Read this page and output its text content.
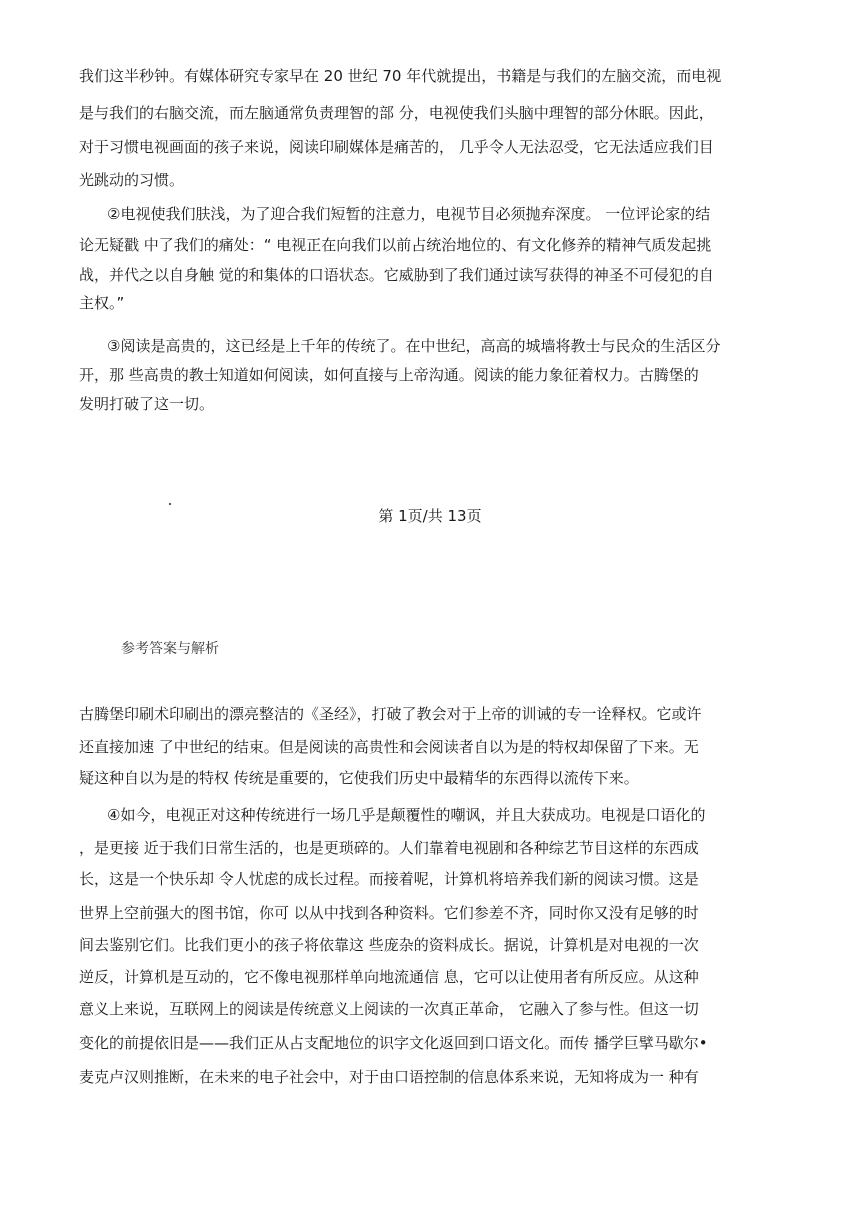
我们这半秒钟。有媒体研究专家早在 20 世纪 70 年代就提出，书籍是与我们的左脑交流，而电视
是与我们的右脑交流，而左脑通常负责理智的部 分，电视使我们头脑中理智的部分休眠。因此，
对于习惯电视画面的孩子来说，阅读印刷媒体是痛苦的， 几乎令人无法忍受，它无法适应我们目
光跳动的习惯。
②电视使我们肤浅，为了迎合我们短暂的注意力，电视节目必须抛弃深度。 一位评论家的结
论无疑戳 中了我们的痛处：“ 电视正在向我们以前占统治地位的、有文化修养的精神气质发起挑
战，并代之以自身触 觉的和集体的口语状态。它威胁到了我们通过读写获得的神圣不可侵犯的自
主权。”
③阅读是高贵的，这已经是上千年的传统了。在中世纪，高高的城墙将教士与民众的生活区分
开，那 些高贵的教士知道如何阅读，如何直接与上帝沟通。阅读的能力象征着权力。古腾堡的
发明打破了这一切。
第 1页/共 13页
参考答案与解析
古腾堡印刷术印刷出的漂亮整洁的《圣经》，打破了教会对于上帝的训诫的专一诠释权。它或许
还直接加速 了中世纪的结束。但是阅读的高贵性和会阅读者自以为是的特权却保留了下来。无
疑这种自以为是的特权 传统是重要的，它使我们历史中最精华的东西得以流传下来。
④如今，电视正对这种传统进行一场几乎是颠覆性的嘲讽，并且大获成功。电视是口语化的
，是更接 近于我们日常生活的，也是更琐碎的。人们靠着电视剧和各种综艺节目这样的东西成
长，这是一个快乐却 令人忧虑的成长过程。而接着呢，计算机将培养我们新的阅读习惯。这是
世界上空前强大的图书馆，你可 以从中找到各种资料。它们参差不齐，同时你又没有足够的时
间去鉴别它们。比我们更小的孩子将依靠这 些庞杂的资料成长。据说，计算机是对电视的一次
逆反，计算机是互动的，它不像电视那样单向地流通信 息，它可以让使用者有所反应。从这种
意义上来说，互联网上的阅读是传统意义上阅读的一次真正革命， 它融入了参与性。但这一切
变化的前提依旧是——我们正从占支配地位的识字文化返回到口语文化。而传 播学巨擘马歇尔•
麦克卢汉则推断，在未来的电子社会中，对于由口语控制的信息体系来说，无知将成为一 种有
